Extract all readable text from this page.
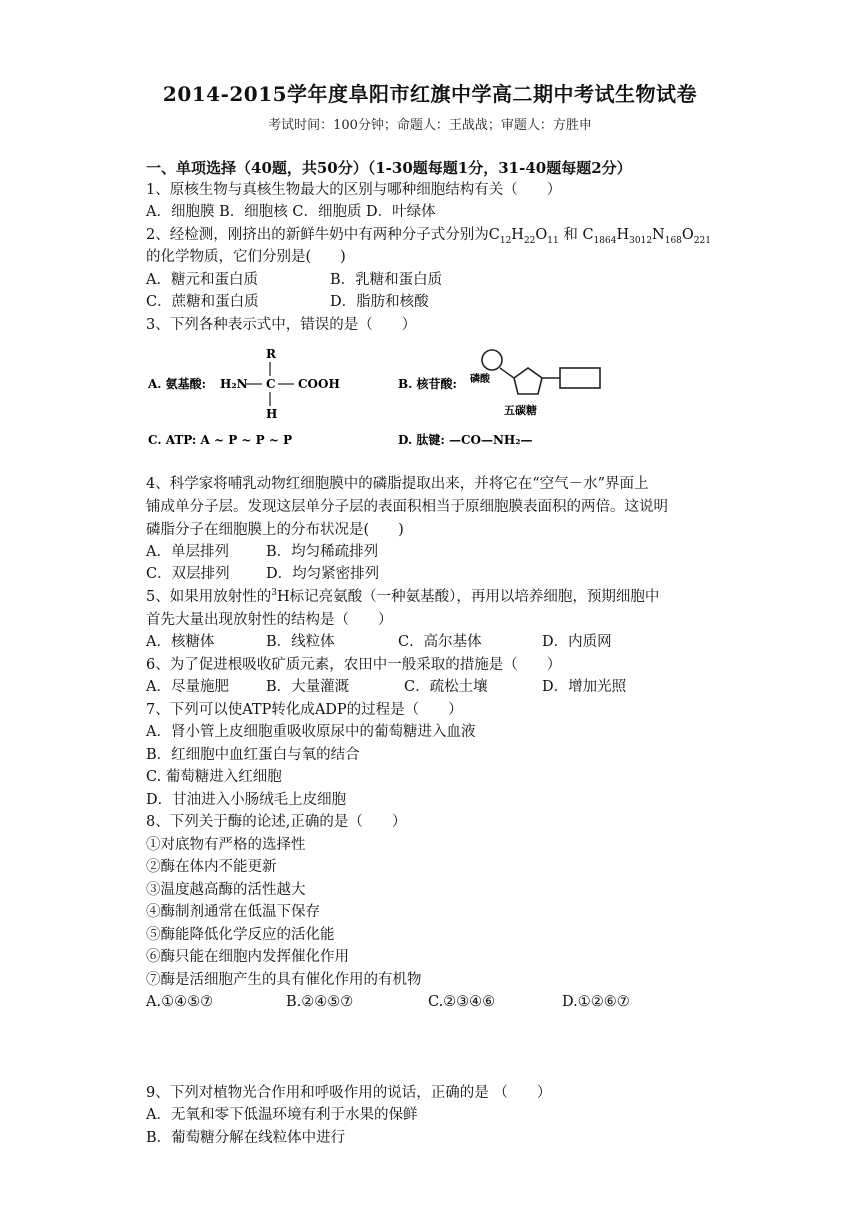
2014-2015学年度阜阳市红旗中学高二期中考试生物试卷
考试时间：100分钟；命题人：王战战；审题人：方胜申
一、单项选择（40题，共50分）（1-30题每题1分，31-40题每题2分）
1、原核生物与真核生物最大的区别与哪种细胞结构有关（　　）
A．细胞膜 B．细胞核 C．细胞质 D．叶绿体
2、经检测，刚挤出的新鲜牛奶中有两种分子式分别为$C_{12}H_{22}O_{11}$ 和 $C_{1864}H_{3012}N_{168}O_{221}$
的化学物质，它们分别是(　　)
A．糖元和蛋白质	B．乳糖和蛋白质
C．蔗糖和蛋白质	D．脂肪和核酸
3、下列各种表示式中，错误的是（　　）
A. 氨基酸:
R
H₂N C COOH
H
B. 核苷酸: 磷酸
五碳糖
C. ATP: A ~ P ~ P ~ P	D. 肽键: —CO—NH₂—
4、科学家将哺乳动物红细胞膜中的磷脂提取出来，并将它在“空气－水”界面上
铺成单分子层。发现这层单分子层的表面积相当于原细胞膜表面积的两倍。这说明
磷脂分子在细胞膜上的分布状况是(　　)
A．单层排列	B．均匀稀疏排列
C．双层排列	D．均匀紧密排列
5、如果用放射性的$^3$H标记亮氨酸（一种氨基酸），再用以培养细胞，预期细胞中
首先大量出现放射性的结构是（　　）
A．核糖体	B．线粒体	C．高尔基体	D．内质网
6、为了促进根吸收矿质元素，农田中一般采取的措施是（　　）
A．尽量施肥	B．大量灌溉	C．疏松土壤	D．增加光照
7、下列可以使ATP转化成ADP的过程是（　　）
A．肾小管上皮细胞重吸收原尿中的葡萄糖进入血液
B．红细胞中血红蛋白与氧的结合
C. 葡萄糖进入红细胞
D．甘油进入小肠绒毛上皮细胞
8、下列关于酶的论述,正确的是（　　）
①对底物有严格的选择性
②酶在体内不能更新
③温度越高酶的活性越大
④酶制剂通常在低温下保存
⑤酶能降低化学反应的活化能
⑥酶只能在细胞内发挥催化作用
⑦酶是活细胞产生的具有催化作用的有机物
A.①④⑤⑦	B.②④⑤⑦	C.②③④⑥	D.①②⑥⑦
9、下列对植物光合作用和呼吸作用的说话，正确的是 （　　）
A．无氧和零下低温环境有利于水果的保鲜
B．葡萄糖分解在线粒体中进行
